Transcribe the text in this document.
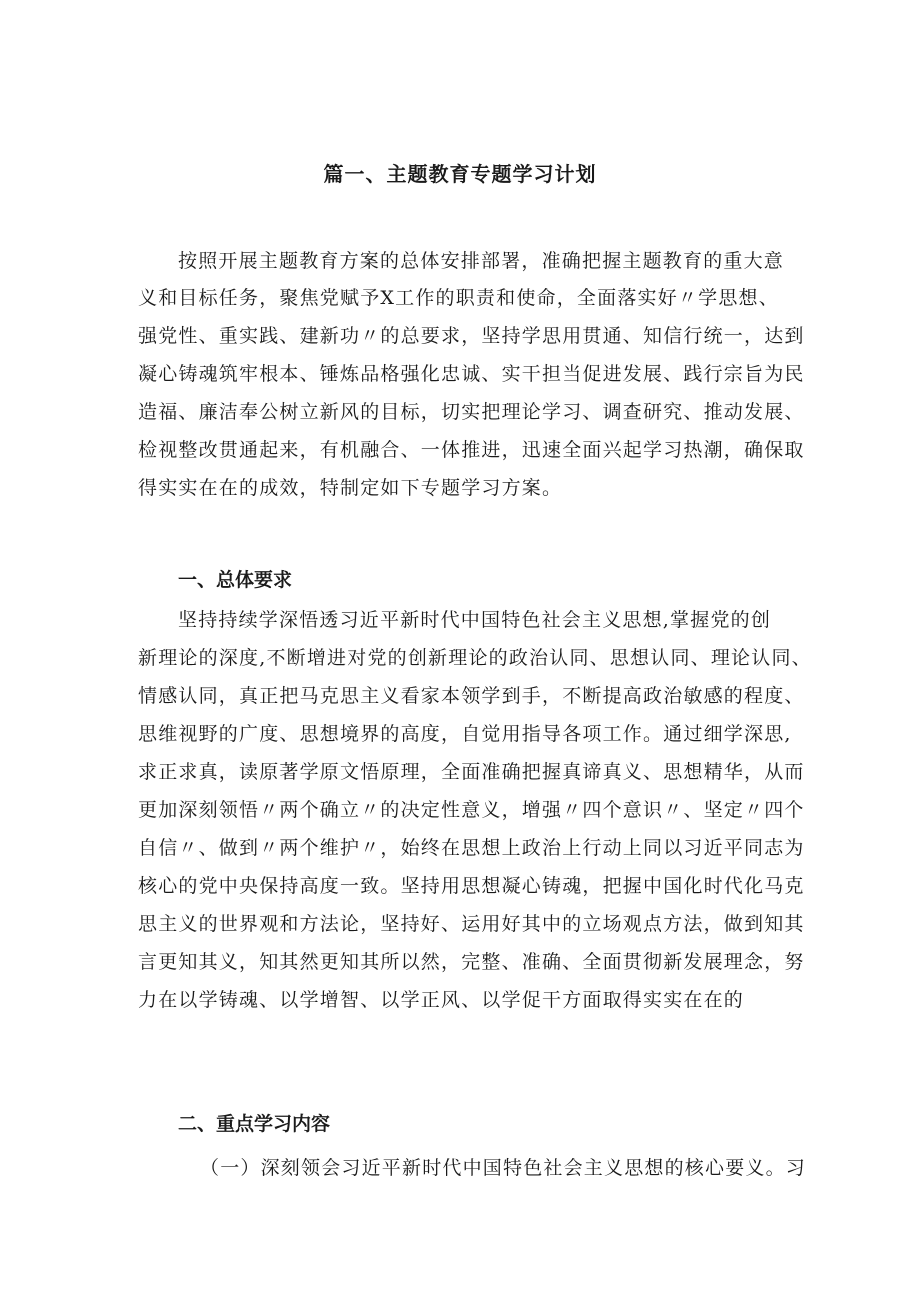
篇一、主题教育专题学习计划
按照开展主题教育方案的总体安排部署，准确把握主题教育的重大意
义和目标任务，聚焦党赋予X工作的职责和使命，全面落实好〃学思想、
强党性、重实践、建新功〃的总要求，坚持学思用贯通、知信行统一，达到
凝心铸魂筑牢根本、锤炼品格强化忠诚、实干担当促进发展、践行宗旨为民
造福、廉洁奉公树立新风的目标，切实把理论学习、调查研究、推动发展、
检视整改贯通起来，有机融合、一体推进，迅速全面兴起学习热潮，确保取
得实实在在的成效，特制定如下专题学习方案。
一、总体要求
坚持持续学深悟透习近平新时代中国特色社会主义思想,掌握党的创
新理论的深度,不断增进对党的创新理论的政治认同、思想认同、理论认同、
情感认同，真正把马克思主义看家本领学到手，不断提高政治敏感的程度、
思维视野的广度、思想境界的高度，自觉用指导各项工作。通过细学深思,
求正求真，读原著学原文悟原理，全面准确把握真谛真义、思想精华，从而
更加深刻领悟〃两个确立〃的决定性意义，增强〃四个意识〃、坚定〃四个
自信〃、做到〃两个维护〃，始终在思想上政治上行动上同以习近平同志为
核心的党中央保持高度一致。坚持用思想凝心铸魂，把握中国化时代化马克
思主义的世界观和方法论，坚持好、运用好其中的立场观点方法，做到知其
言更知其义，知其然更知其所以然，完整、准确、全面贯彻新发展理念，努
力在以学铸魂、以学增智、以学正风、以学促干方面取得实实在在的
二、重点学习内容
（一）深刻领会习近平新时代中国特色社会主义思想的核心要义。习
